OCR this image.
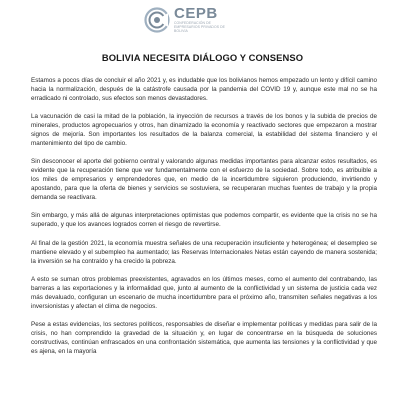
CEPB
CONFEDERACIÓN DE EMPRESARIOS PRIVADOS DE BOLIVIA
BOLIVIA NECESITA DIÁLOGO Y CONSENSO

Estamos a pocos días de concluir el año 2021 y, es indudable que los bolivianos hemos empezado un lento y difícil camino hacia la normalización, después de la catástrofe causada por la pandemia del COVID 19 y, aunque este mal no se ha erradicado ni controlado, sus efectos son menos devastadores.

La vacunación de casi la mitad de la población, la inyección de recursos a través de los bonos y la subida de precios de minerales, productos agropecuarios y otros, han dinamizado la economía y reactivado sectores que empezaron a mostrar signos de mejoría. Son importantes los resultados de la balanza comercial, la estabilidad del sistema financiero y el mantenimiento del tipo de cambio.

Sin desconocer el aporte del gobierno central y valorando algunas medidas importantes para alcanzar estos resultados, es evidente que la recuperación tiene que ver fundamentalmente con el esfuerzo de la sociedad. Sobre todo, es atribuible a los miles de empresarios y emprendedores que, en medio de la incertidumbre siguieron produciendo, invirtiendo y apostando, para que la oferta de bienes y servicios se sostuviera, se recuperaran muchas fuentes de trabajo y la propia demanda se reactivara.

Sin embargo, y más allá de algunas interpretaciones optimistas que podemos compartir, es evidente que la crisis no se ha superado, y que los avances logrados corren el riesgo de revertirse.

Al final de la gestión 2021, la economía muestra señales de una recuperación insuficiente y heterogénea; el desempleo se mantiene elevado y el subempleo ha aumentado; las Reservas Internacionales Netas están cayendo de manera sostenida; la inversión se ha contraído y ha crecido la pobreza.

A esto se suman otros problemas preexistentes, agravados en los últimos meses, como el aumento del contrabando, las barreras a las exportaciones y la informalidad que, junto al aumento de la conflictividad y un sistema de justicia cada vez más devaluado, configuran un escenario de mucha incertidumbre para el próximo año, transmiten señales negativas a los inversionistas y afectan el clima de negocios.

Pese a estas evidencias, los sectores políticos, responsables de diseñar e implementar políticas y medidas para salir de la crisis, no han comprendido la gravedad de la situación y, en lugar de concentrarse en la búsqueda de soluciones constructivas, continúan enfrascados en una confrontación sistemática, que aumenta las tensiones y la conflictividad y que es ajena, en la mayoría
